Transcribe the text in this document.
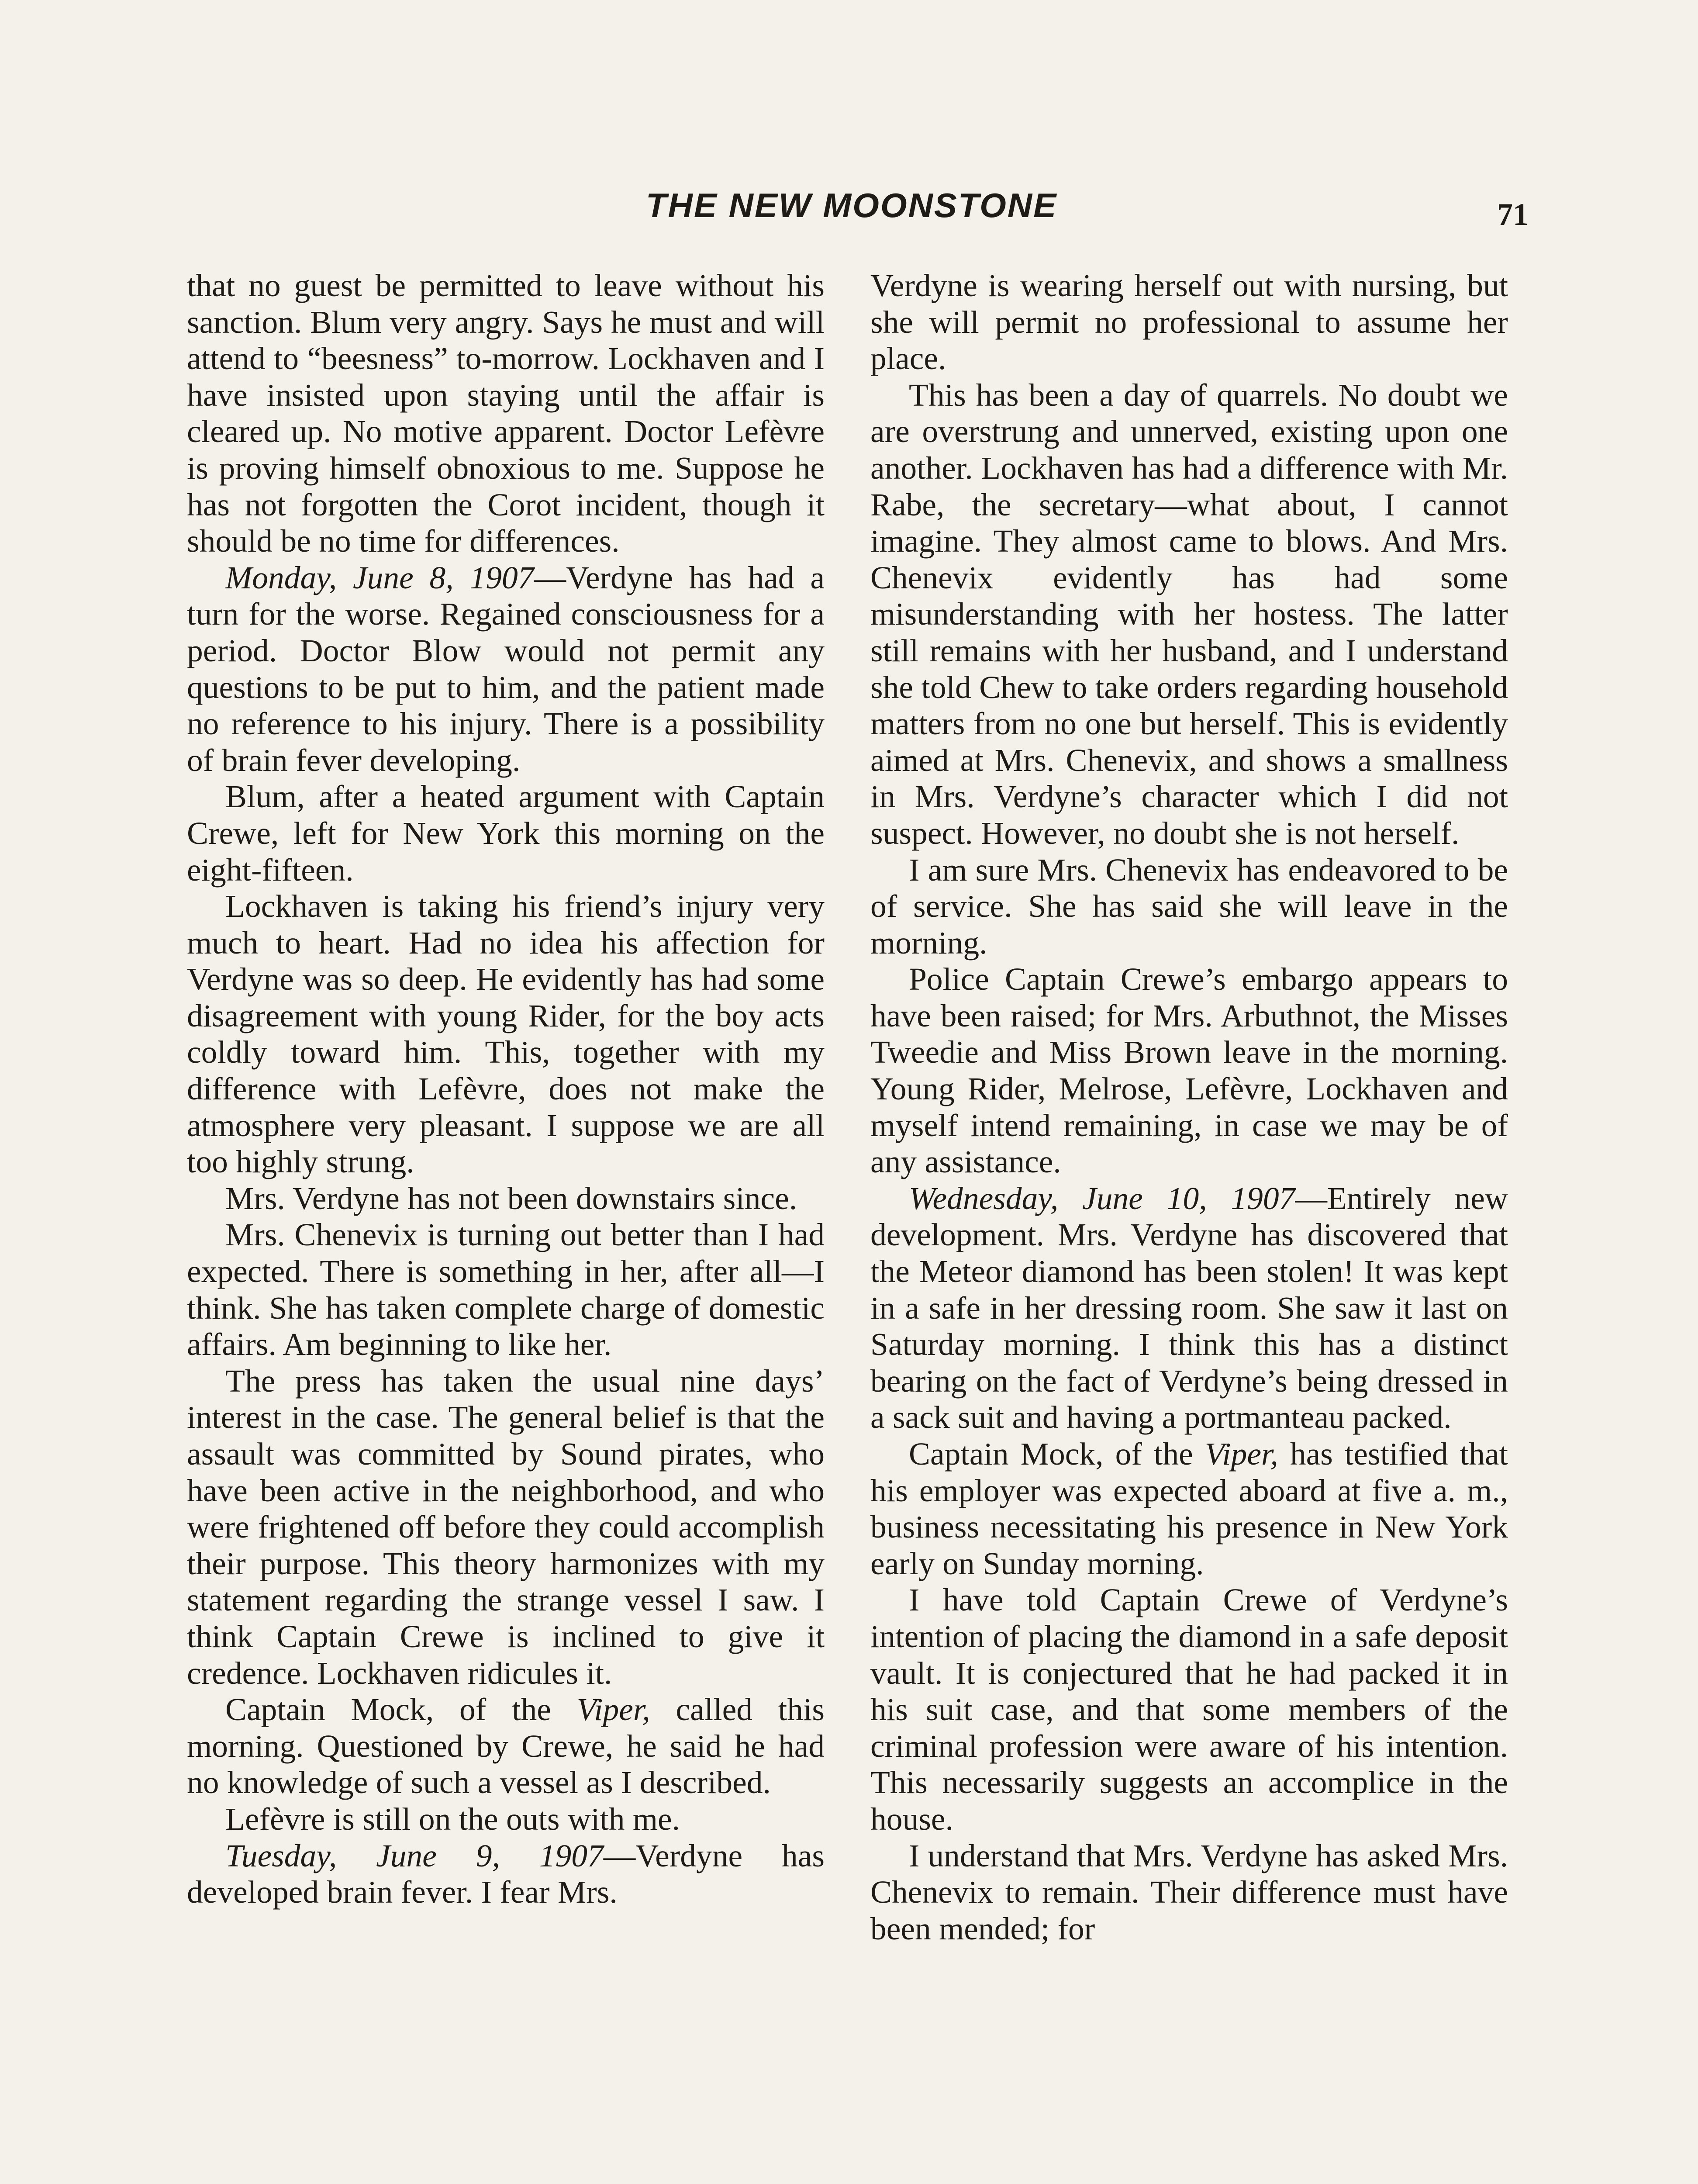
THE NEW MOONSTONE	71

that no guest be permitted to leave without his sanction. Blum very angry. Says he must and will attend to “beesness” to-morrow. Lockhaven and I have insisted upon staying until the affair is cleared up. No motive apparent. Doctor Lefèvre is proving himself obnoxious to me. Suppose he has not forgotten the Corot incident, though it should be no time for differences.

Monday, June 8, 1907—Verdyne has had a turn for the worse. Regained consciousness for a period. Doctor Blow would not permit any questions to be put to him, and the patient made no reference to his injury. There is a possibility of brain fever developing.

Blum, after a heated argument with Captain Crewe, left for New York this morning on the eight-fifteen.

Lockhaven is taking his friend’s injury very much to heart. Had no idea his affection for Verdyne was so deep. He evidently has had some disagreement with young Rider, for the boy acts coldly toward him. This, together with my difference with Lefèvre, does not make the atmosphere very pleasant. I suppose we are all too highly strung.

Mrs. Verdyne has not been downstairs since.

Mrs. Chenevix is turning out better than I had expected. There is something in her, after all—I think. She has taken complete charge of domestic affairs. Am beginning to like her.

The press has taken the usual nine days’ interest in the case. The general belief is that the assault was committed by Sound pirates, who have been active in the neighborhood, and who were frightened off before they could accomplish their purpose. This theory harmonizes with my statement regarding the strange vessel I saw. I think Captain Crewe is inclined to give it credence. Lockhaven ridicules it.

Captain Mock, of the Viper, called this morning. Questioned by Crewe, he said he had no knowledge of such a vessel as I described.

Lefèvre is still on the outs with me.

Tuesday, June 9, 1907—Verdyne has developed brain fever. I fear Mrs.

Verdyne is wearing herself out with nursing, but she will permit no professional to assume her place.

This has been a day of quarrels. No doubt we are overstrung and unnerved, existing upon one another. Lockhaven has had a difference with Mr. Rabe, the secretary—what about, I cannot imagine. They almost came to blows. And Mrs. Chenevix evidently has had some misunderstanding with her hostess. The latter still remains with her husband, and I understand she told Chew to take orders regarding household matters from no one but herself. This is evidently aimed at Mrs. Chenevix, and shows a smallness in Mrs. Verdyne’s character which I did not suspect. However, no doubt she is not herself.

I am sure Mrs. Chenevix has endeavored to be of service. She has said she will leave in the morning.

Police Captain Crewe’s embargo appears to have been raised; for Mrs. Arbuthnot, the Misses Tweedie and Miss Brown leave in the morning. Young Rider, Melrose, Lefèvre, Lockhaven and myself intend remaining, in case we may be of any assistance.

Wednesday, June 10, 1907—Entirely new development. Mrs. Verdyne has discovered that the Meteor diamond has been stolen! It was kept in a safe in her dressing room. She saw it last on Saturday morning. I think this has a distinct bearing on the fact of Verdyne’s being dressed in a sack suit and having a portmanteau packed.

Captain Mock, of the Viper, has testified that his employer was expected aboard at five a. m., business necessitating his presence in New York early on Sunday morning.

I have told Captain Crewe of Verdyne’s intention of placing the diamond in a safe deposit vault. It is conjectured that he had packed it in his suit case, and that some members of the criminal profession were aware of his intention. This necessarily suggests an accomplice in the house.

I understand that Mrs. Verdyne has asked Mrs. Chenevix to remain. Their difference must have been mended; for
